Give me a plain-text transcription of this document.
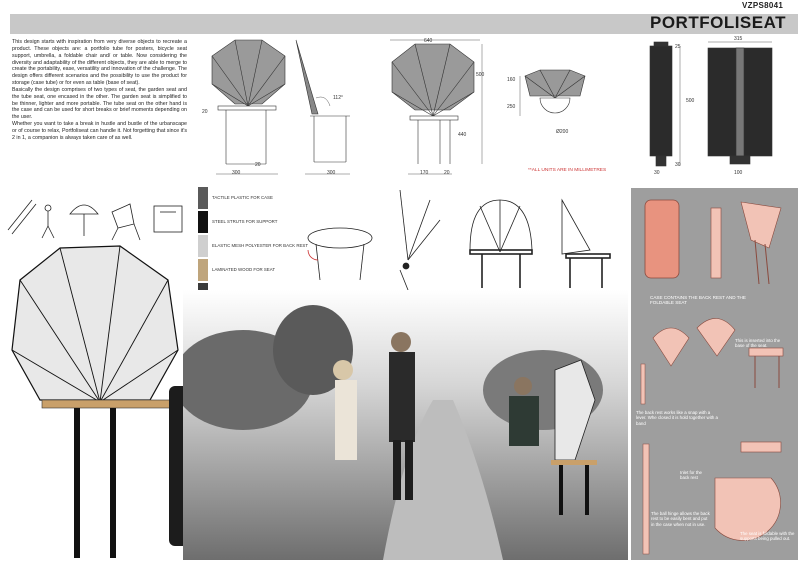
VZPS8041
PORTFOLISEAT

This design starts with inspiration from very diverse objects to recreate a product. These objects are: a portfolio tube for posters, bicycle seat support, umbrella, a foldable chair and/ or table. Now considering the diversity and adaptability of the different objects, they are able to merge to create the portability, ease, versatility and innovation of the challenge. The design offers different scenarios and the possibility to use the product for storage (case tube) or for even as table (base of seat).

Basically the design comprises of two types of seat, the garden seat and the tube seat, one encased in the other. The garden seat is simplified to be thinner, lighter and more portable. The tube seat on the other hand is the case and can be used for short breaks or brief moments depending on the user.

Whether you want to take a break in hustle and bustle of the urbanscape or of course to relax, Portfoliseat can handle it. Not forgetting that since it's 2 in 1, a companion is always taken care of as well.

300
20
20
300
112°
640
500
440
170	20
160
250
Ø200
**ALL UNITS ARE IN MILLIMETRES
25
500
30
30
315
100
TACTILE PLASTIC FOR CASE
STEEL STRUTS FOR SUPPORT
ELASTIC MESH POLYESTER FOR BACK REST
LAMINATED WOOD FOR SEAT
CASE CONTAINS THE BACK REST AND THE FOLDABLE SEAT
This is inserted into the base of the seat.
The back rest works like a snap with a lever. Whe closed it is hold together with a band
Inlet for the back rest
The ball hinge allows the back rest to be easily bent and put in the case when not in use.
The seat is foldable with the supports being pulled out.
